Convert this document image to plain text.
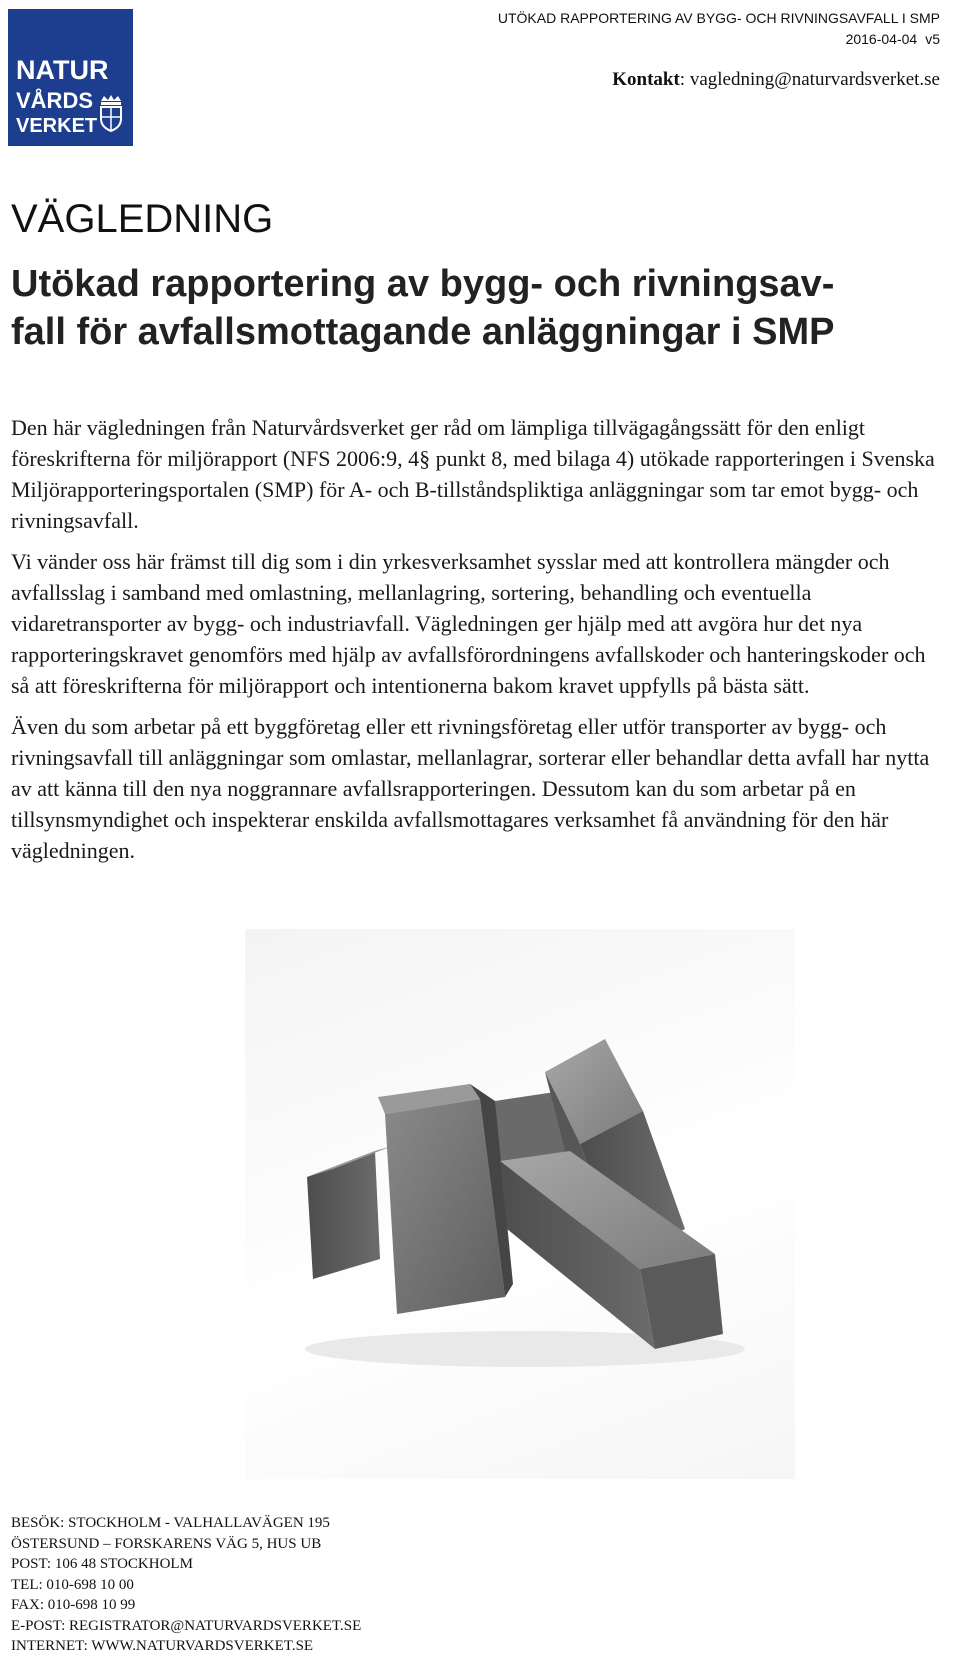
NATUR
VÅRDS
VERKET
UTÖKAD RAPPORTERING AV BYGG- OCH RIVNINGSAVFALL I SMP
2016-04-04 v5
Kontakt: vagledning@naturvardsverket.se
VÄGLEDNING
Utökad rapportering av bygg- och rivningsav-
fall för avfallsmottagande anläggningar i SMP

Den här vägledningen från Naturvårdsverket ger råd om lämpliga tillvägagångssätt för den enligt föreskrifterna för miljörapport (NFS 2006:9, 4§ punkt 8, med bilaga 4) utökade rapporteringen i Svenska Miljörapporteringsportalen (SMP) för A- och B-tillståndspliktiga anläggningar som tar emot bygg- och rivningsavfall.

Vi vänder oss här främst till dig som i din yrkesverksamhet sysslar med att kontrollera mängder och avfallsslag i samband med omlastning, mellanlagring, sortering, behandling och eventuella vidaretransporter av bygg- och industriavfall. Vägledningen ger hjälp med att avgöra hur det nya rapporteringskravet genomförs med hjälp av avfallsförordningens avfallskoder och hanteringskoder och så att föreskrifterna för miljörapport och intentionerna bakom kravet uppfylls på bästa sätt.

Även du som arbetar på ett byggföretag eller ett rivningsföretag eller utför transporter av bygg- och rivningsavfall till anläggningar som omlastar, mellanlagrar, sorterar eller behandlar detta avfall har nytta av att känna till den nya noggrannare avfallsrapporteringen. Dessutom kan du som arbetar på en tillsynsmyndighet och inspekterar enskilda avfallsmottagares verksamhet få användning för den här vägledningen.

BESÖK: STOCKHOLM - VALHALLAVÄGEN 195
ÖSTERSUND – FORSKARENS VÄG 5, HUS UB
POST: 106 48 STOCKHOLM
TEL: 010-698 10 00
FAX: 010-698 10 99
E-POST: REGISTRATOR@NATURVARDSVERKET.SE
INTERNET: WWW.NATURVARDSVERKET.SE
